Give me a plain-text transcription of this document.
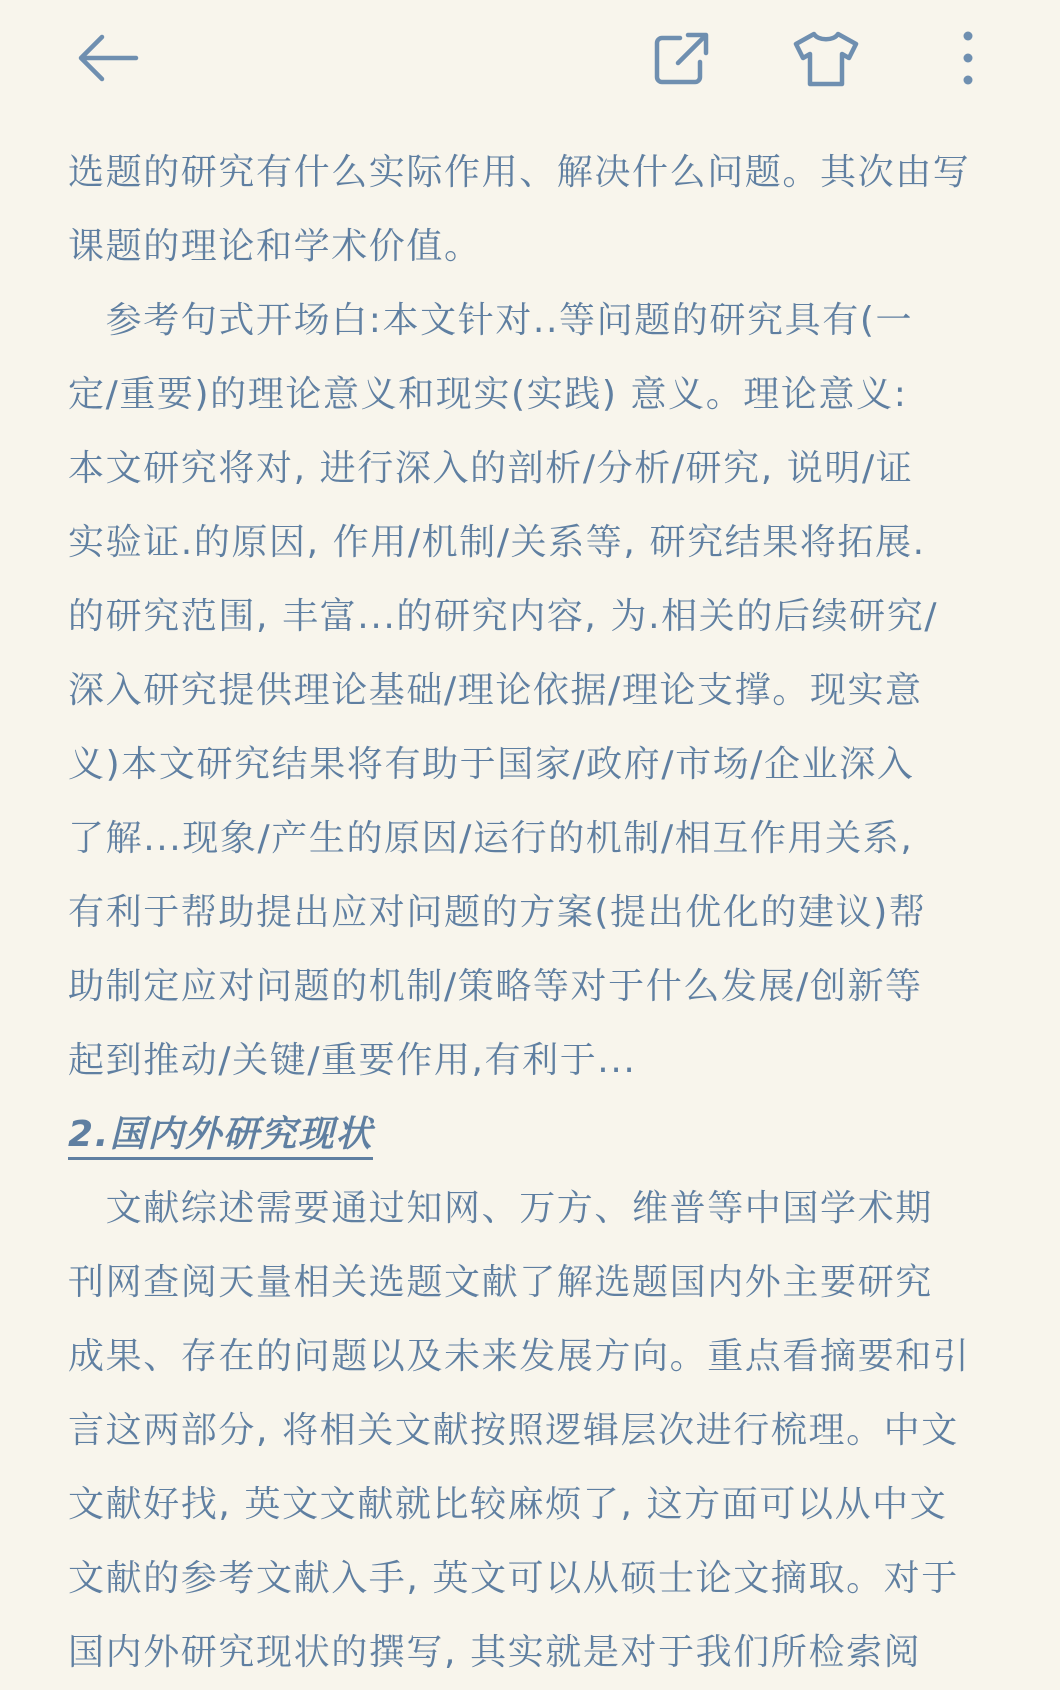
选题的研究有什么实际作用、解决什么问题。其次由写
课题的理论和学术价值。
　参考句式开场白:本文针对..等问题的研究具有(一
定/重要)的理论意义和现实(实践) 意义。理论意义:
本文研究将对, 进行深入的剖析/分析/研究, 说明/证
实验证.的原因, 作用/机制/关系等, 研究结果将拓展.
的研究范围, 丰富...的研究内容, 为.相关的后续研究/
深入研究提供理论基础/理论依据/理论支撑。现实意
义)本文研究结果将有助于国家/政府/市场/企业深入
了解...现象/产生的原因/运行的机制/相互作用关系,
有利于帮助提出应对问题的方案(提出优化的建议)帮
助制定应对问题的机制/策略等对于什么发展/创新等
起到推动/关键/重要作用,有利于...
2.国内外研究现状
　文献综述需要通过知网、万方、维普等中国学术期
刊网查阅天量相关选题文献了解选题国内外主要研究
成果、存在的问题以及未来发展方向。重点看摘要和引
言这两部分, 将相关文献按照逻辑层次进行梳理。中文
文献好找, 英文文献就比较麻烦了, 这方面可以从中文
文献的参考文献入手, 英文可以从硕士论文摘取。对于
国内外研究现状的撰写, 其实就是对于我们所检索阅
